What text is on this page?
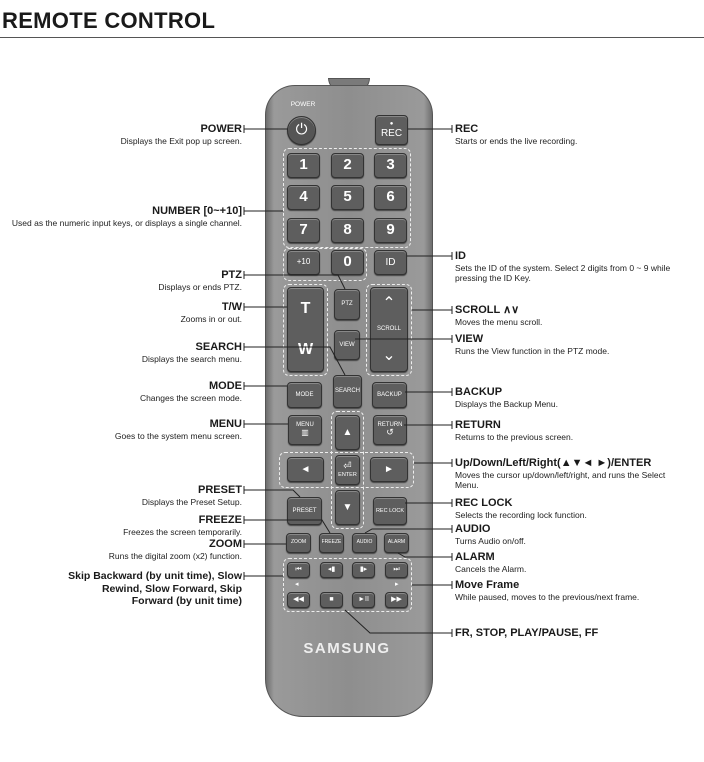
REMOTE CONTROL
POWER
⏻	●
REC
1	2	3
4	5	6
7	8	9
+10	0	ID
T
W
PTZ
VIEW
⌃
SCROLL
⌄
MODE
SEARCH
BACKUP
MENU
▥	▲
RETURN
↺
◄	⏎
ENTER
►
PRESET	▼	REC LOCK
ZOOM	FREEZE	AUDIO	ALARM
⏮	◂▮	▮▸	⏭
◂	▸
◀◀	■	►II	▶▶
SAMSUNG
POWER
Displays the Exit pop up screen.
NUMBER [0~+10]
Used as the numeric input keys, or displays a single channel.
PTZ
Displays or ends PTZ.
T/W
Zooms in or out.
SEARCH
Displays the search menu.
MODE
Changes the screen mode.
MENU
Goes to the system menu screen.
PRESET
Displays the Preset Setup.
FREEZE
Freezes the screen temporarily.
ZOOM
Runs the digital zoom (x2) function.
Skip Backward (by unit time), Slow Rewind, Slow Forward, Skip Forward (by unit time)
REC
Starts or ends the live recording.
ID
Sets the ID of the system. Select 2 digits from 0 ~ 9 while pressing the ID Key.
SCROLL ∧∨
Moves the menu scroll.
VIEW
Runs the View function in the PTZ mode.
BACKUP
Displays the Backup Menu.
RETURN
Returns to the previous screen.
Up/Down/Left/Right(▲▼◄ ►)/ENTER
Moves the cursor up/down/left/right, and runs the Select Menu.
REC LOCK
Selects the recording lock function.
AUDIO
Turns Audio on/off.
ALARM
Cancels the Alarm.
Move Frame
While paused, moves to the previous/next frame.
FR, STOP, PLAY/PAUSE, FF
